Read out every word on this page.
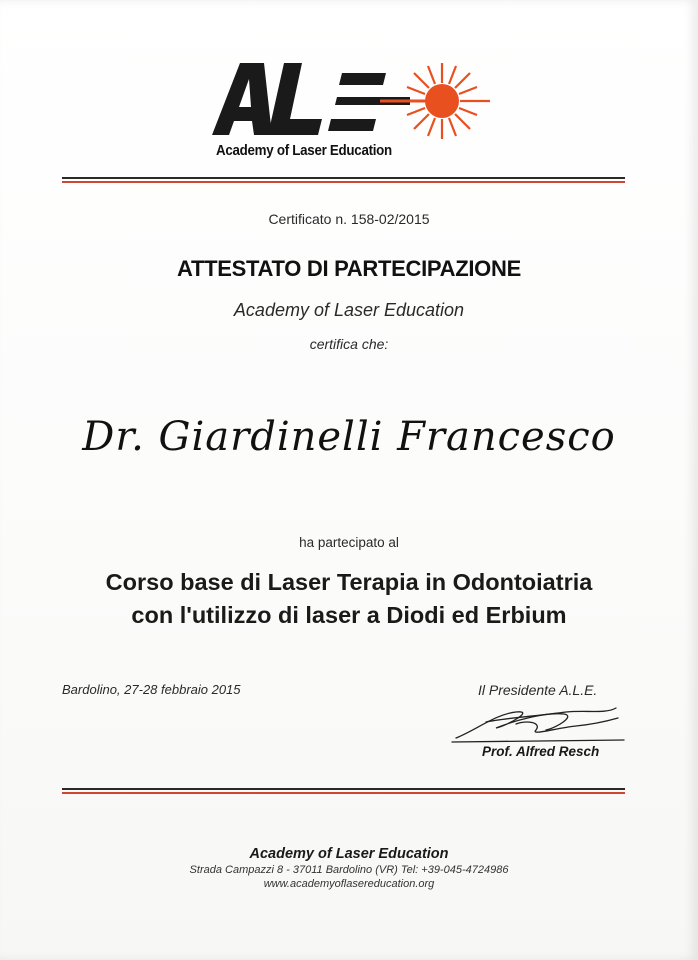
Academy of Laser Education
Certificato n. 158-02/2015
ATTESTATO DI PARTECIPAZIONE
Academy of Laser Education
certifica che:
Dr. Giardinelli Francesco
ha partecipato al
Corso base di Laser Terapia in Odontoiatria
con l'utilizzo di laser a Diodi ed Erbium
Bardolino, 27-28 febbraio 2015	Il Presidente A.L.E.
Prof. Alfred Resch
Academy of Laser Education
Strada Campazzi 8 - 37011 Bardolino (VR) Tel: +39-045-4724986
www.academyoflasereducation.org
